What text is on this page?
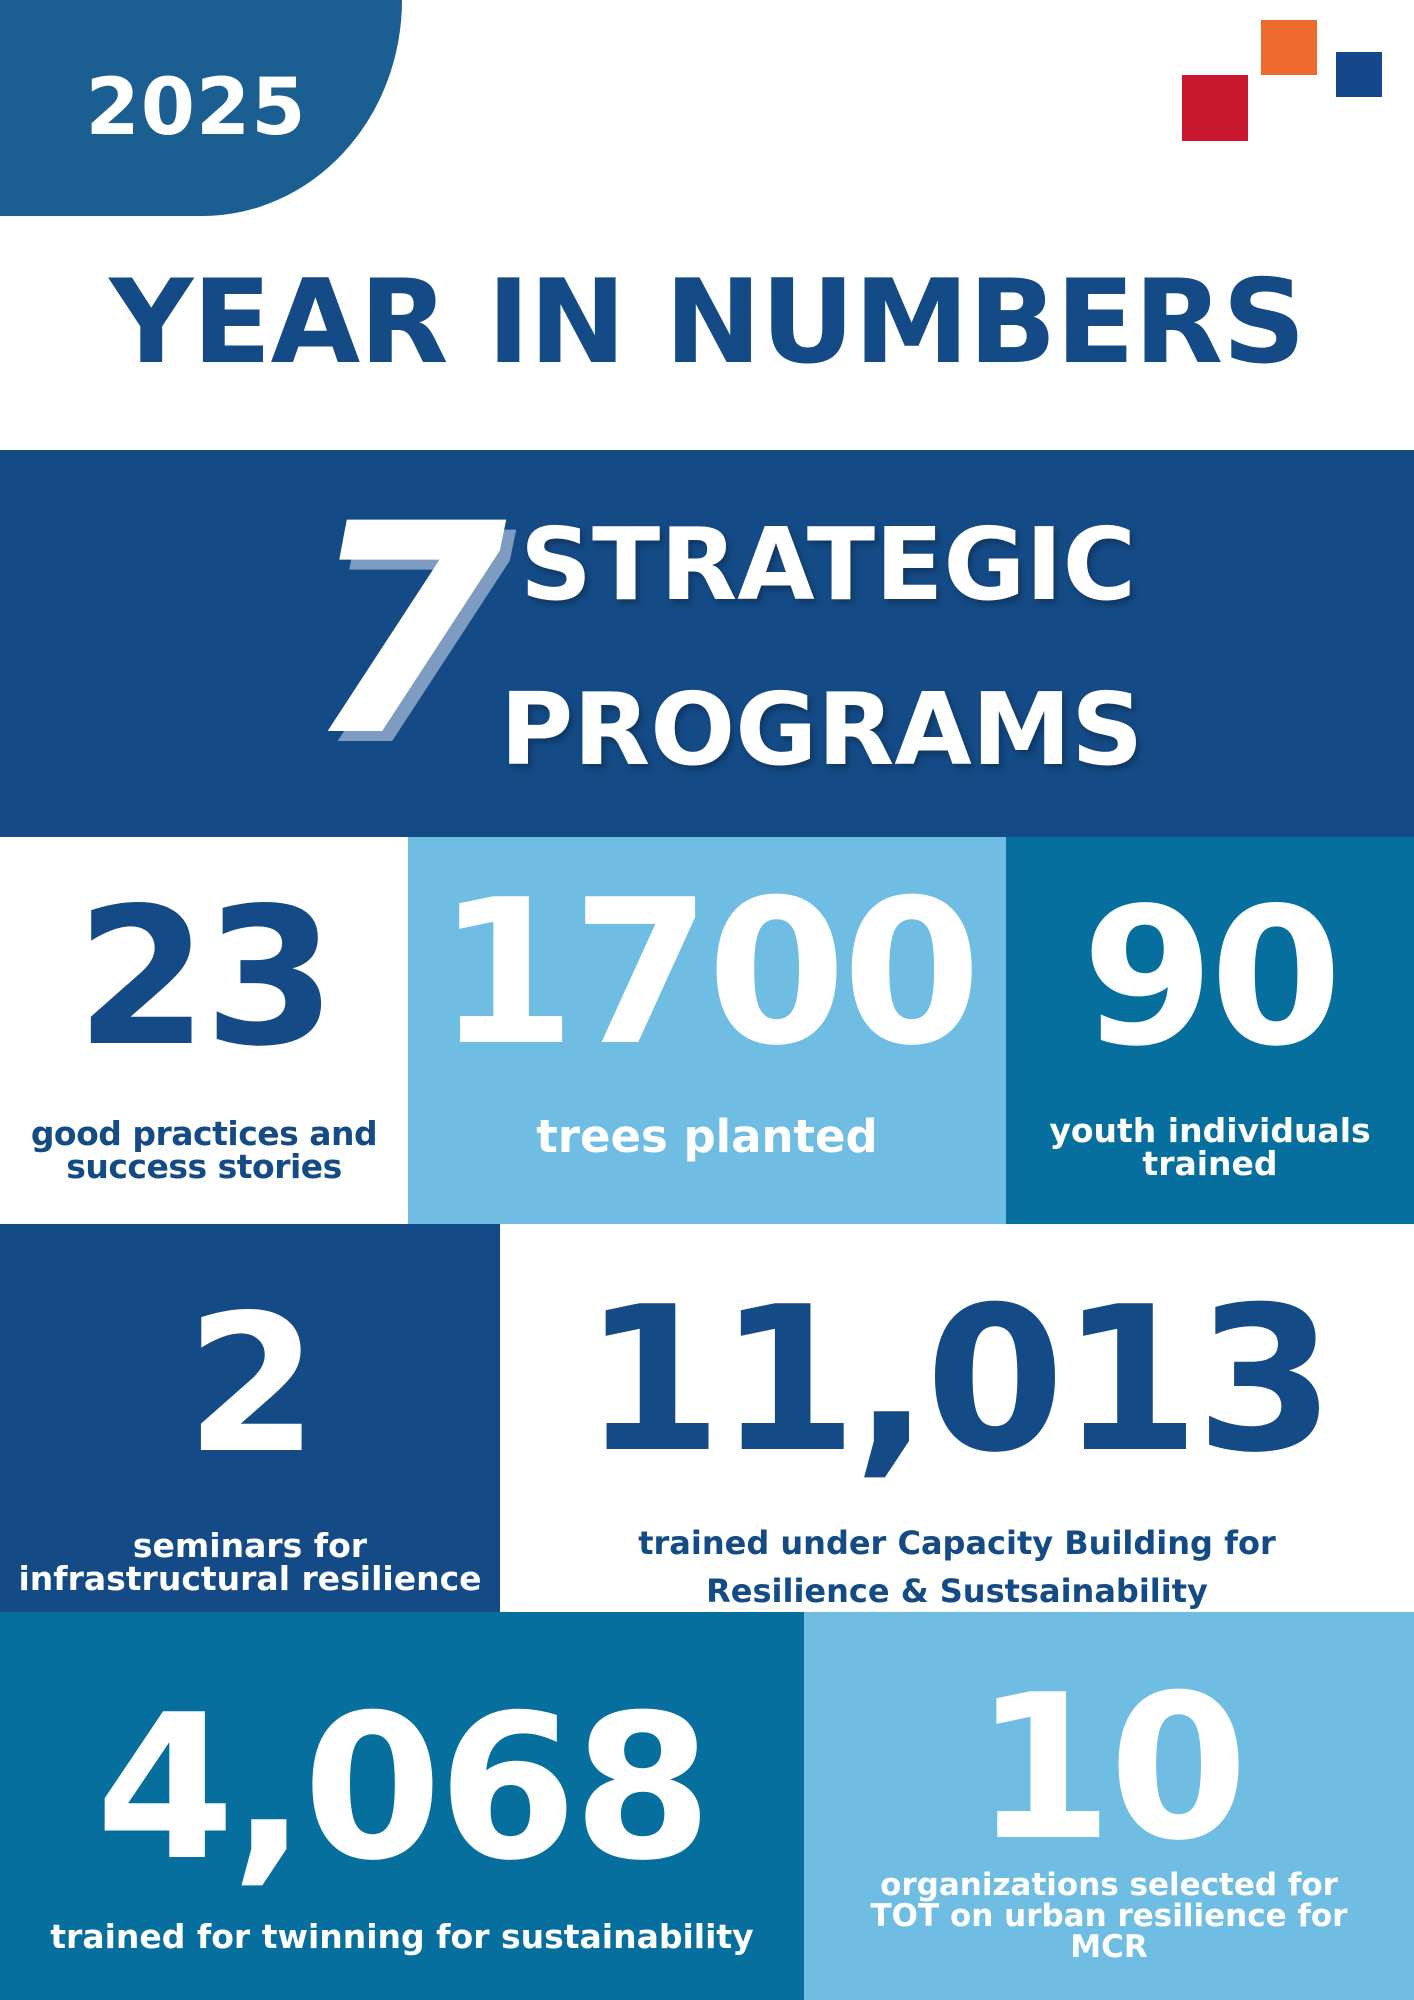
2025
YEAR IN NUMBERS
7 STRATEGIC
PROGRAMS
23
good practices and
success stories
1700
trees planted
90
youth individuals
trained
2
seminars for
infrastructural resilience
11,013
trained under Capacity Building for
Resilience & Sustsainability
4,068
trained for twinning for sustainability
10
organizations selected for
TOT on urban resilience for
MCR
